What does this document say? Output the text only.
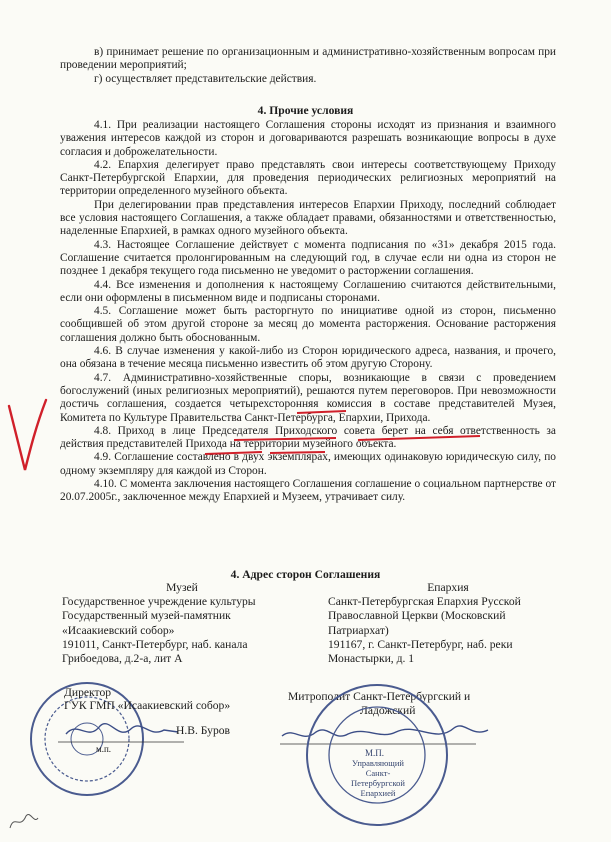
в) принимает решение по организационным и административно-хозяйственным вопросам при проведении мероприятий;

г) осуществляет представительские действия.

4. Прочие условия

4.1. При реализации настоящего Соглашения стороны исходят из признания и взаимного уважения интересов каждой из сторон и договариваются разрешать возникающие вопросы в духе согласия и доброжелательности.

4.2. Епархия делегирует право представлять свои интересы соответствующему Приходу Санкт-Петербургской Епархии, для проведения периодических религиозных мероприятий на территории определенного музейного объекта.

При делегировании прав представления интересов Епархии Приходу, последний соблюдает все условия настоящего Соглашения, а также обладает правами, обязанностями и ответственностью, наделенные Епархией, в рамках одного музейного объекта.

4.3. Настоящее Соглашение действует с момента подписания по «31» декабря 2015 года. Соглашение считается пролонгированным на следующий год, в случае если ни одна из сторон не позднее 1 декабря текущего года письменно не уведомит о расторжении соглашения.

4.4. Все изменения и дополнения к настоящему Соглашению считаются действительными, если они оформлены в письменном виде и подписаны сторонами.

4.5. Соглашение может быть расторгнуто по инициативе одной из сторон, письменно сообщившей об этом другой стороне за месяц до момента расторжения. Основание расторжения соглашения должно быть обоснованным.

4.6. В случае изменения у какой-либо из Сторон юридического адреса, названия, и прочего, она обязана в течение месяца письменно известить об этом другую Сторону.

4.7. Административно-хозяйственные споры, возникающие в связи с проведением богослужений (иных религиозных мероприятий), решаются путем переговоров. При невозможности достичь соглашения, создается четырехсторонняя комиссия в составе представителей Музея, Комитета по Культуре Правительства Санкт-Петербурга, Епархии, Прихода.

4.8. Приход в лице Председателя Приходского совета берет на себя ответственность за действия представителей Прихода на территории музейного объекта.

4.9. Соглашение составлено в двух экземплярах, имеющих одинаковую юридическую силу, по одному экземпляру для каждой из Сторон.

4.10. С момента заключения настоящего Соглашения соглашение о социальном партнерстве от 20.07.2005г., заключенное между Епархией и Музеем, утрачивает силу.

4. Адрес сторон Соглашения
Музей
Государственное учреждение культуры
Государственный музей-памятник
«Исаакиевский собор»
191011, Санкт-Петербург, наб. канала
Грибоедова, д.2-а, лит А
Епархия
Санкт-Петербургская Епархия Русской
Православной Церкви (Московский
Патриархат)
191167, г. Санкт-Петербург, наб. реки
Монастырки, д. 1
Директор
ГУК ГМП «Исаакиевский собор»
Н.В. Буров
м.п.
Митрополит Санкт-Петербургский и
Ладожский
М.П.
Управляющий
Санкт-Петербургской
Епархией
